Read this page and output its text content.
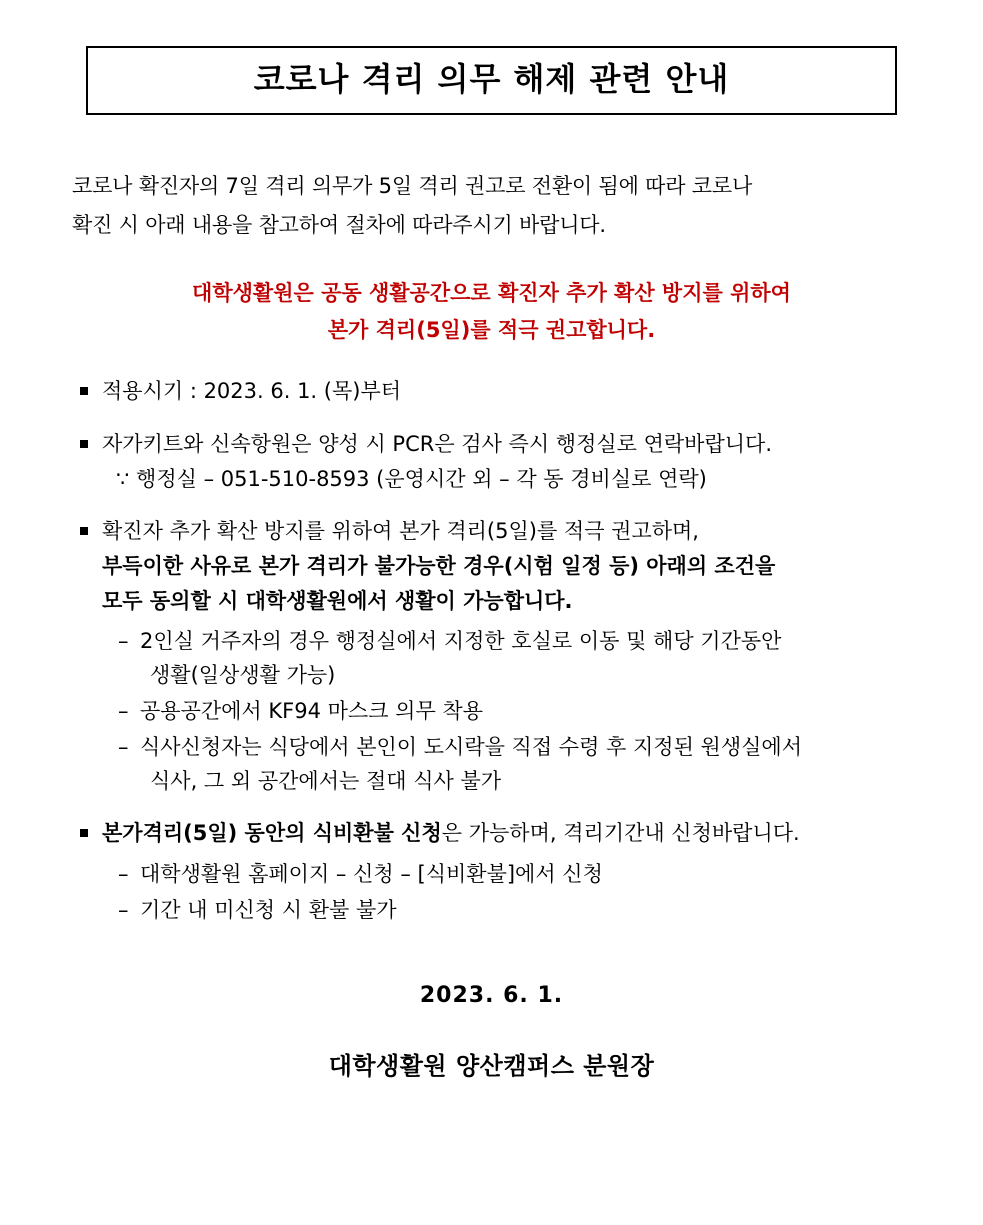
코로나 격리 의무 해제 관련 안내

코로나 확진자의 7일 격리 의무가 5일 격리 권고로 전환이 됨에 따라 코로나

확진 시 아래 내용을 참고하여 절차에 따라주시기 바랍니다.

대학생활원은 공동 생활공간으로 확진자 추가 확산 방지를 위하여
본가 격리(5일)를 적극 권고합니다.
적용시기 : 2023. 6. 1. (목)부터
자가키트와 신속항원은 양성 시 PCR은 검사 즉시 행정실로 연락바랍니다.
∵ 행정실 – 051-510-8593 (운영시간 외 – 각 동 경비실로 연락)
확진자 추가 확산 방지를 위하여 본가 격리(5일)를 적극 권고하며,
부득이한 사유로 본가 격리가 불가능한 경우(시험 일정 등) 아래의 조건을
모두 동의할 시 대학생활원에서 생활이 가능합니다.
– 2인실 거주자의 경우 행정실에서 지정한 호실로 이동 및 해당 기간동안
생활(일상생활 가능)
– 공용공간에서 KF94 마스크 의무 착용
– 식사신청자는 식당에서 본인이 도시락을 직접 수령 후 지정된 원생실에서
식사, 그 외 공간에서는 절대 식사 불가
본가격리(5일) 동안의 식비환불 신청은 가능하며, 격리기간내 신청바랍니다.
– 대학생활원 홈페이지 – 신청 – [식비환불]에서 신청
– 기간 내 미신청 시 환불 불가
2023. 6. 1.
대학생활원 양산캠퍼스 분원장
